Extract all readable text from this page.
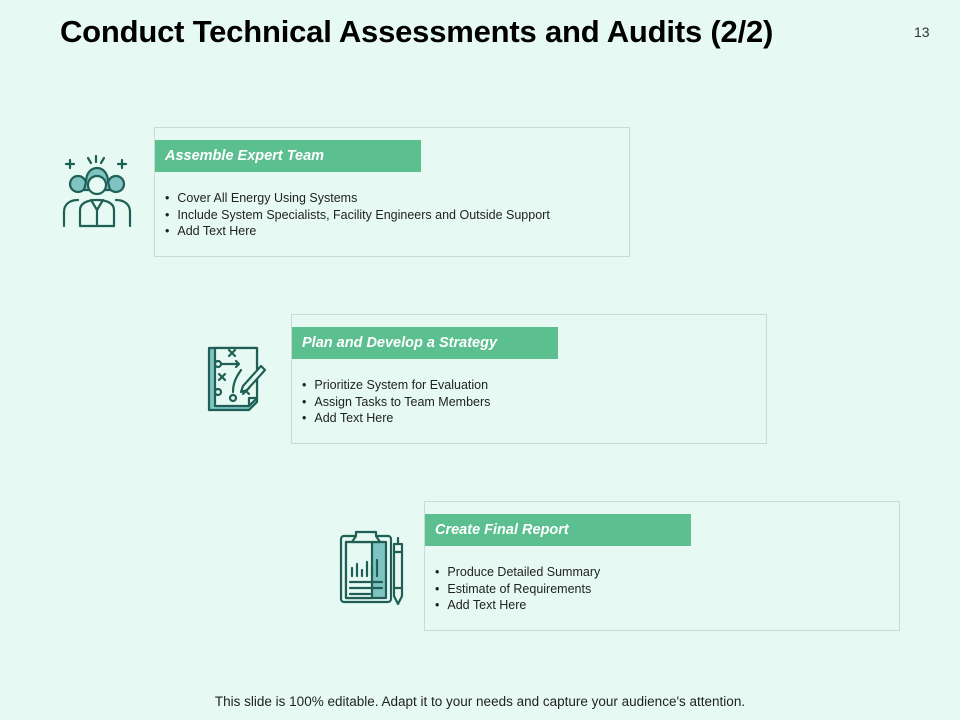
Conduct Technical Assessments and Audits (2/2)	13
Assemble Expert Team
• Cover All Energy Using Systems
• Include System Specialists, Facility Engineers and Outside Support
• Add Text Here
Plan and Develop a Strategy
• Prioritize System for Evaluation
• Assign Tasks to Team Members
• Add Text Here
Create Final Report
• Produce Detailed Summary
• Estimate of Requirements
• Add Text Here
This slide is 100% editable. Adapt it to your needs and capture your audience's attention.
